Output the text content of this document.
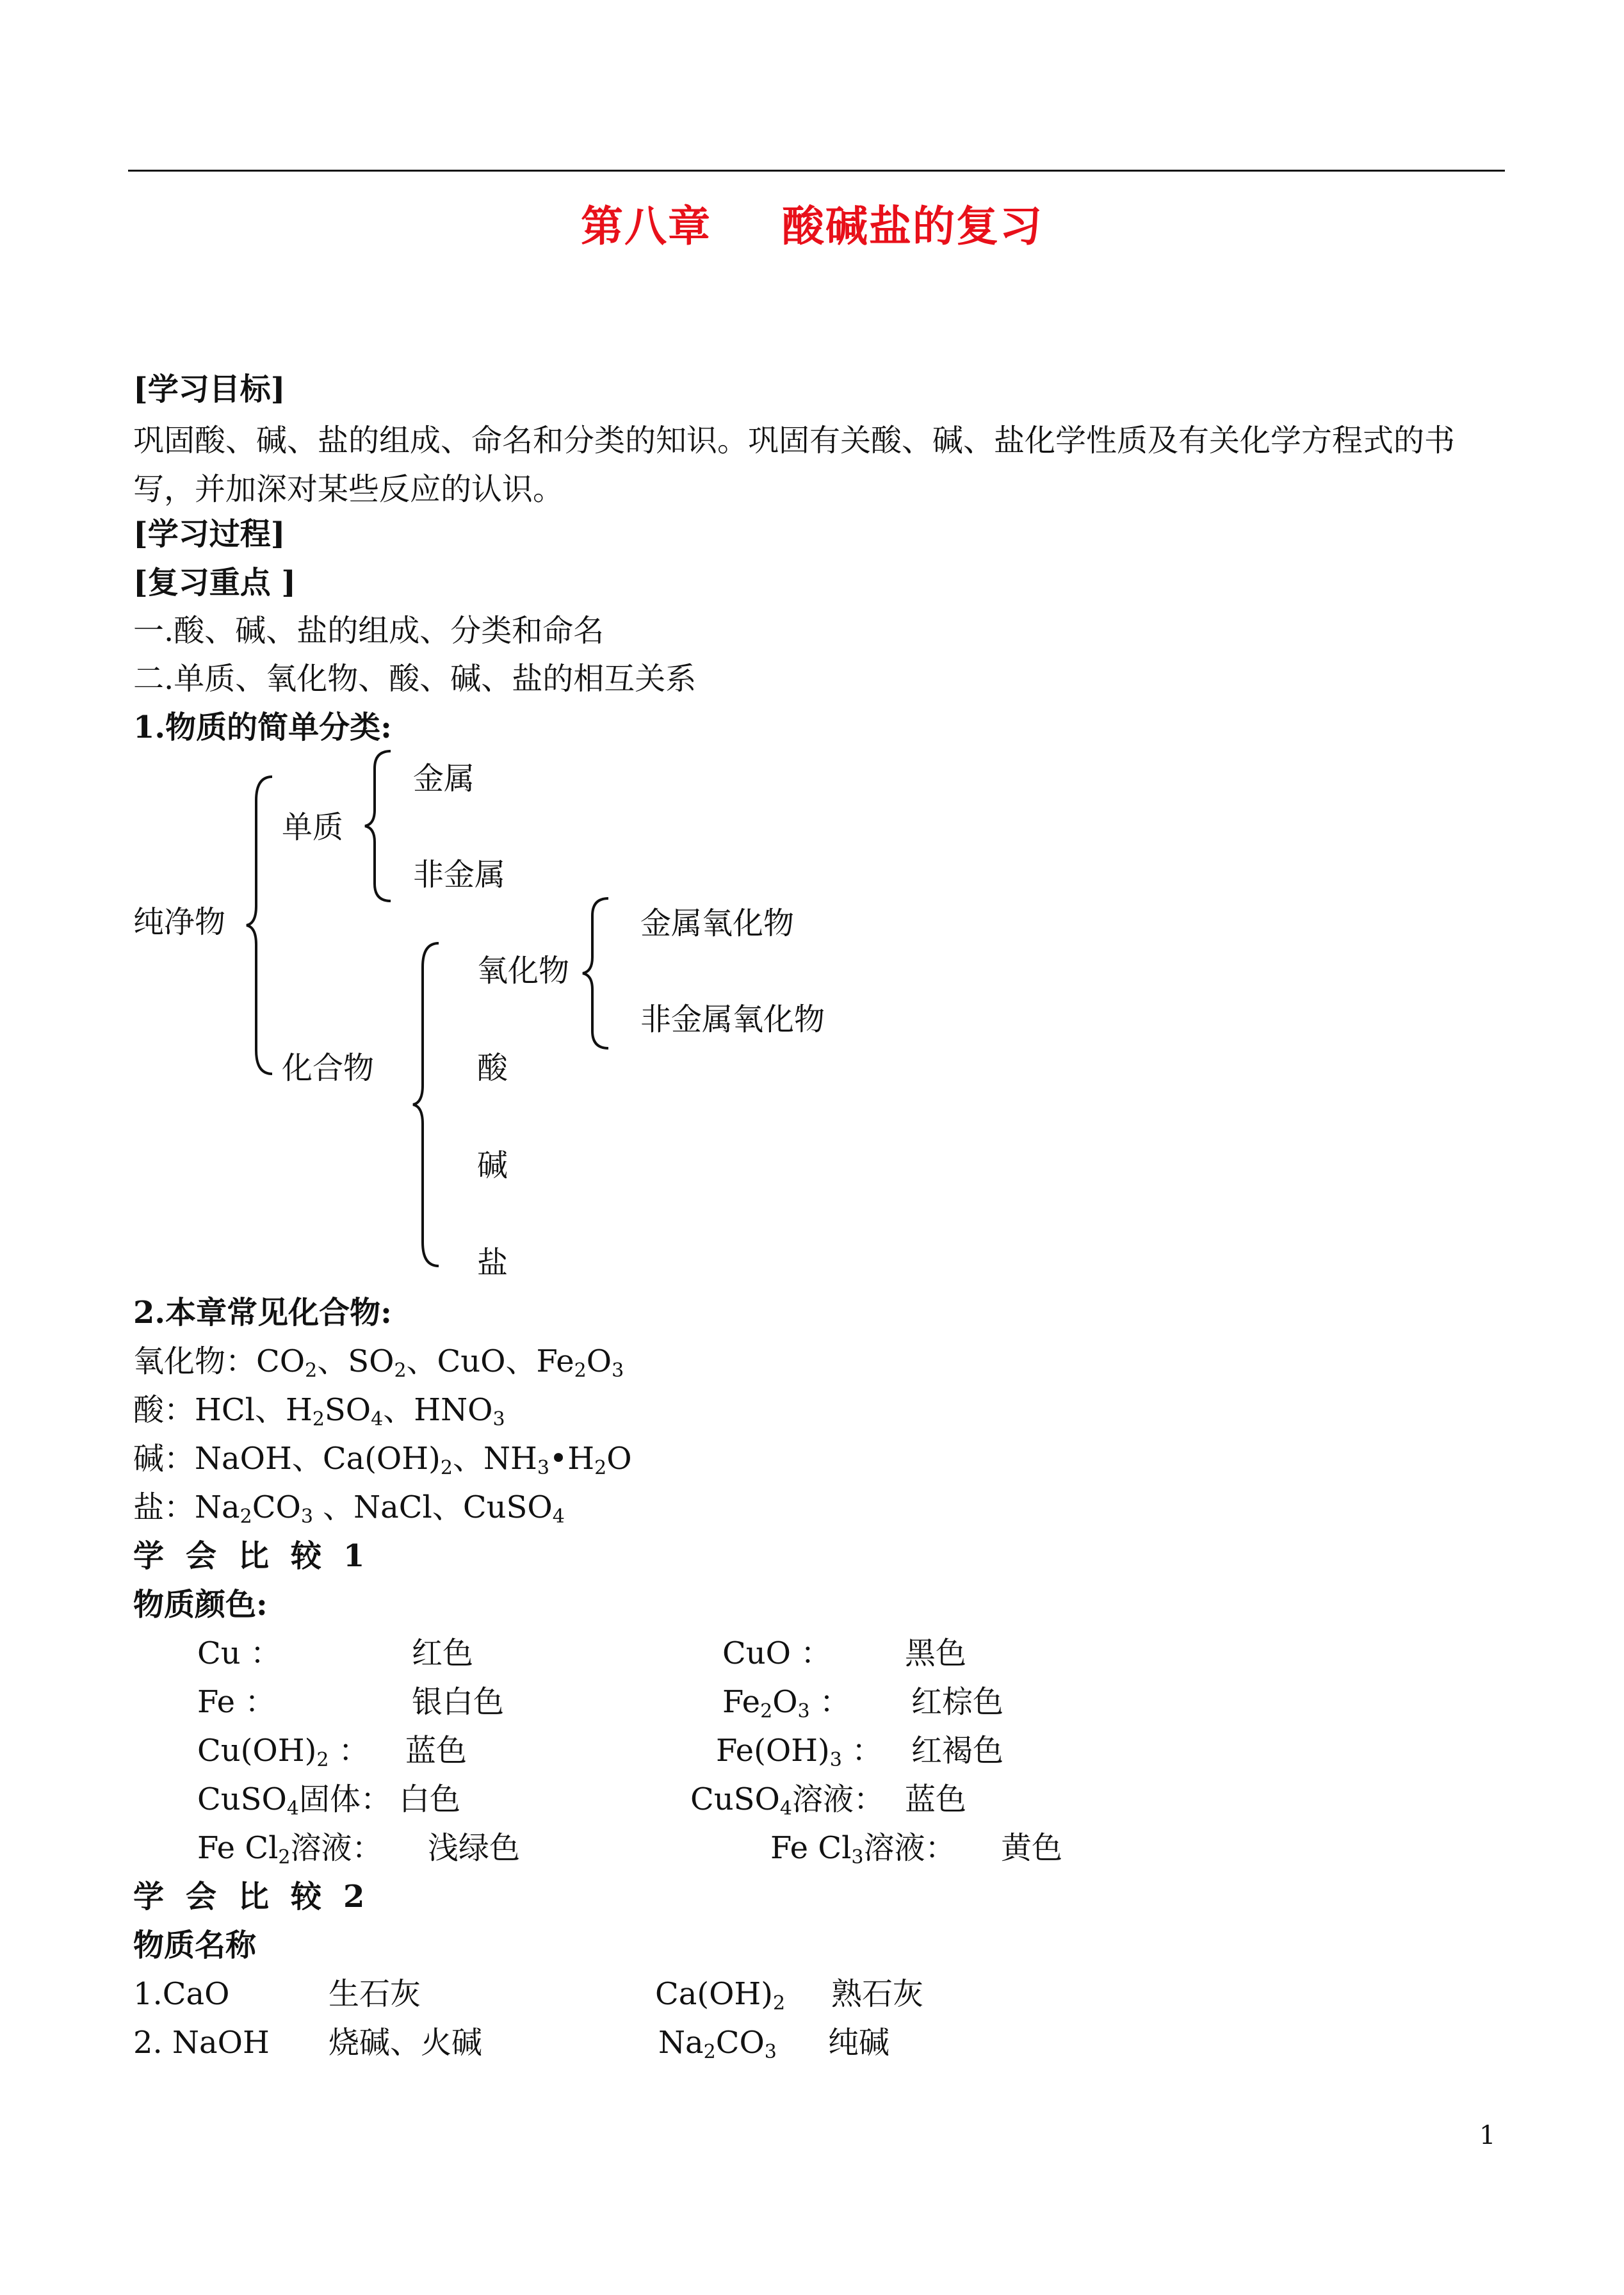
第八章 酸碱盐的复习
[学习目标]
巩固酸、碱、盐的组成、命名和分类的知识。巩固有关酸、碱、盐化学性质及有关化学方程式的书写，并加深对某些反应的认识。
[学习过程]
[复习重点 ]
一.酸、碱、盐的组成、分类和命名
二.单质、氧化物、酸、碱、盐的相互关系
1.物质的简单分类:
纯净物
单质
金属
非金属
化合物
氧化物
金属氧化物
非金属氧化物
酸
碱
盐
2.本章常见化合物:
氧化物：$CO_2$、$SO_2$、CuO、$Fe_2O_3$
酸：HCl、$H_2SO_4$、$HNO_3$
碱：NaOH、$Ca(OH)_2$、$NH_3•H_2O$
盐：$Na_2CO_3$ 、NaCl、CuSO$_4$
学会比较1
物质颜色:
Cu ：	红色	CuO ： 黑色
Fe ：	银白色	$Fe_2O_3$ ： 红棕色
$Cu(OH)_2$ ： 蓝色	$Fe(OH)_3$ ： 红褐色
CuSO$_4$固体： 白色	CuSO$_4$溶液： 蓝色
Fe $Cl_2$溶液： 浅绿色	Fe $Cl_3$溶液： 黄色
学会比较2
物质名称
1.CaO	生石灰	$Ca(OH)_2$ 熟石灰
2. NaOH 烧碱、火碱	$Na_2CO_3$ 纯碱
1
